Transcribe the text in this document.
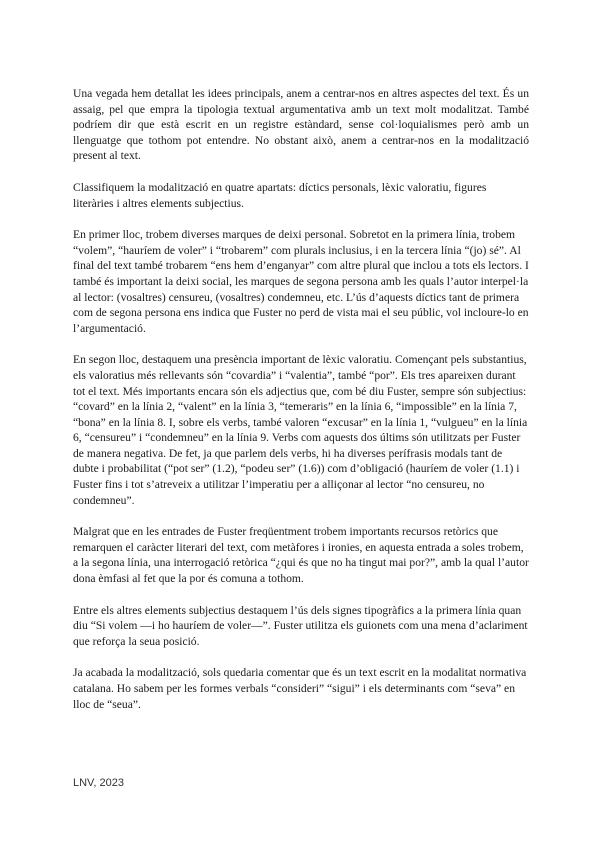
Una vegada hem detallat les idees principals, anem a centrar-nos en altres aspectes del text. És un assaig, pel que empra la tipologia textual argumentativa amb un text molt modalitzat. També podríem dir que està escrit en un registre estàndard, sense col·loquialismes però amb un llenguatge que tothom pot entendre. No obstant això, anem a centrar-nos en la modalització present al text.

Classifiquem la modalització en quatre apartats: díctics personals, lèxic valoratiu, figures literàries i altres elements subjectius.

En primer lloc, trobem diverses marques de deixi personal. Sobretot en la primera línia, trobem “volem”, “hauríem de voler” i “trobarem” com plurals inclusius, i en la tercera línia “(jo) sé”. Al final del text també trobarem “ens hem d’enganyar” com altre plural que inclou a tots els lectors. I també és important la deixi social, les marques de segona persona amb les quals l’autor interpel·la al lector: (vosaltres) censureu, (vosaltres) condemneu, etc. L’ús d’aquests díctics tant de primera com de segona persona ens indica que Fuster no perd de vista mai el seu públic, vol incloure-lo en l’argumentació.

En segon lloc, destaquem una presència important de lèxic valoratiu. Començant pels substantius, els valoratius més rellevants són “covardia” i “valentia”, també “por”. Els tres apareixen durant tot el text. Més importants encara són els adjectius que, com bé diu Fuster, sempre són subjectius: “covard” en la línia 2, “valent” en la línia 3, “temeraris” en la línia 6, “impossible” en la línia 7, “bona” en la línia 8. I, sobre els verbs, també valoren “excusar” en la línia 1, “vulgueu” en la línia 6, “censureu” i “condemneu” en la línia 9. Verbs com aquests dos últims són utilitzats per Fuster de manera negativa. De fet, ja que parlem dels verbs, hi ha diverses perífrasis modals tant de dubte i probabilitat (“pot ser” (1.2), “podeu ser” (1.6)) com d’obligació (hauríem de voler (1.1) i Fuster fins i tot s’atreveix a utilitzar l’imperatiu per a alliçonar al lector “no censureu, no condemneu”.

Malgrat que en les entrades de Fuster freqüentment trobem importants recursos retòrics que remarquen el caràcter literari del text, com metàfores i ironies, en aquesta entrada a soles trobem, a la segona línia, una interrogació retòrica “¿qui és que no ha tingut mai por?”, amb la qual l’autor dona èmfasi al fet que la por és comuna a tothom.

Entre els altres elements subjectius destaquem l’ús dels signes tipogràfics a la primera línia quan diu “Si volem —i ho hauríem de voler—”. Fuster utilitza els guionets com una mena d’aclariment que reforça la seua posició.

Ja acabada la modalització, sols quedaria comentar que és un text escrit en la modalitat normativa catalana. Ho sabem per les formes verbals “consideri” “sigui” i els determinants com “seva” en lloc de “seua”.

LNV, 2023
